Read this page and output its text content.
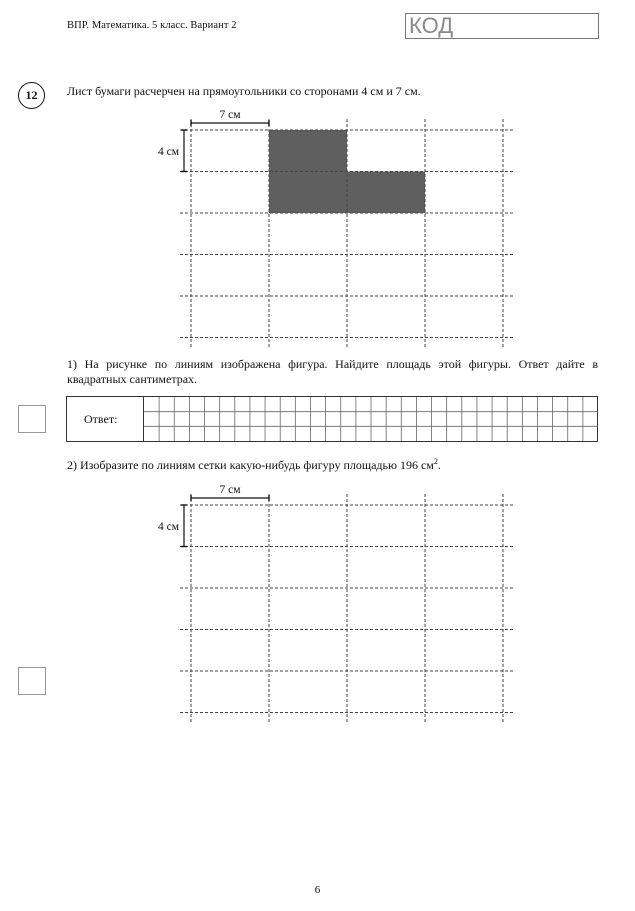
ВПР. Математика. 5 класс. Вариант 2	КОД
12	Лист бумаги расчерчен на прямоугольники со сторонами 4 см и 7 см.
7 см
4 см
1) На рисунке по линиям изображена фигура. Найдите площадь этой фигуры. Ответ дайте в квадратных сантиметрах.
Ответ:
2) Изобразите по линиям сетки какую-нибудь фигуру площадью 196 $см^2$.
7 см
4 см
6
